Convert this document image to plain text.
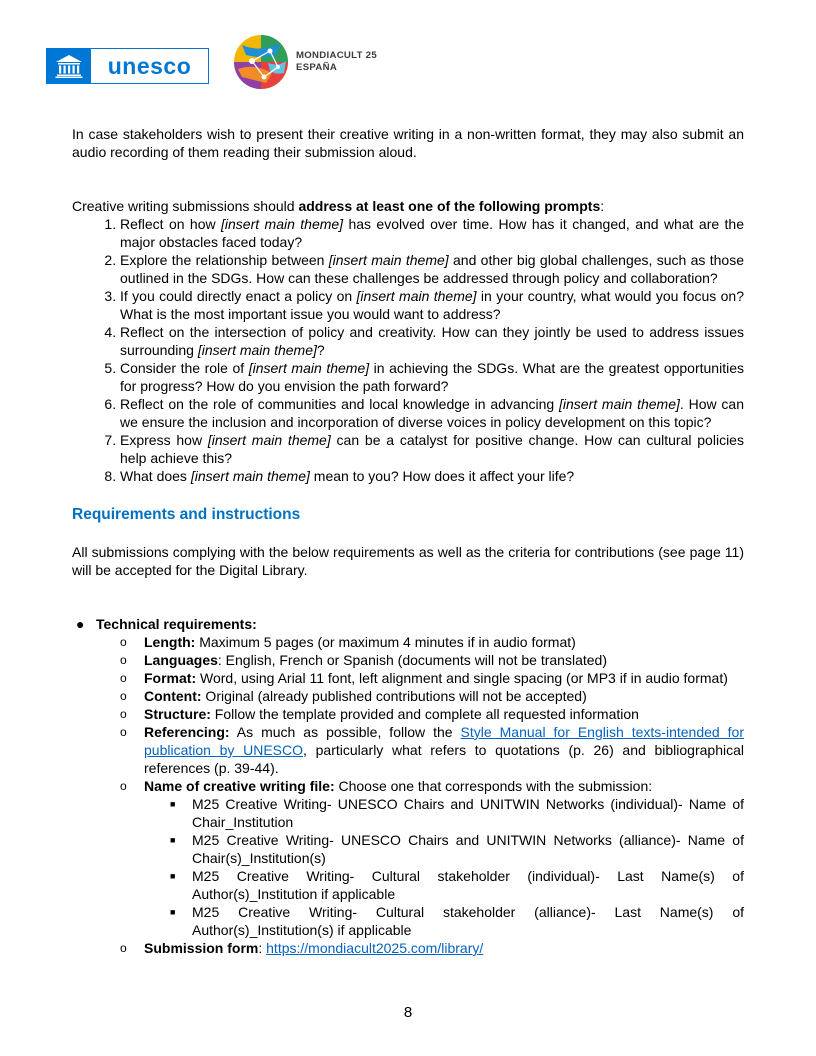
unesco	MONDIACULT 25
ESPAÑA

In case stakeholders wish to present their creative writing in a non-written format, they may also submit an audio recording of them reading their submission aloud.

Creative writing submissions should address at least one of the following prompts:

1. Reflect on how [insert main theme] has evolved over time. How has it changed, and what are the major obstacles faced today?
2. Explore the relationship between [insert main theme] and other big global challenges, such as those outlined in the SDGs. How can these challenges be addressed through policy and collaboration?
3. If you could directly enact a policy on [insert main theme] in your country, what would you focus on? What is the most important issue you would want to address?
4. Reflect on the intersection of policy and creativity. How can they jointly be used to address issues surrounding [insert main theme]?
5. Consider the role of [insert main theme] in achieving the SDGs. What are the greatest opportunities for progress? How do you envision the path forward?
6. Reflect on the role of communities and local knowledge in advancing [insert main theme]. How can we ensure the inclusion and incorporation of diverse voices in policy development on this topic?
7. Express how [insert main theme] can be a catalyst for positive change. How can cultural policies help achieve this?
8. What does [insert main theme] mean to you? How does it affect your life?
Requirements and instructions

All submissions complying with the below requirements as well as the criteria for contributions (see page 11) will be accepted for the Digital Library.

● Technical requirements:
o	Length: Maximum 5 pages (or maximum 4 minutes if in audio format)
o	Languages: English, French or Spanish (documents will not be translated)
o	Format: Word, using Arial 11 font, left alignment and single spacing (or MP3 if in audio format)
o	Content: Original (already published contributions will not be accepted)
o	Structure: Follow the template provided and complete all requested information
o	Referencing: As much as possible, follow the Style Manual for English texts-intended for publication by UNESCO, particularly what refers to quotations (p. 26) and bibliographical references (p. 39-44).
o	Name of creative writing file: Choose one that corresponds with the submission:
■	M25 Creative Writing- UNESCO Chairs and UNITWIN Networks (individual)- Name of Chair_Institution
■	M25 Creative Writing- UNESCO Chairs and UNITWIN Networks (alliance)- Name of Chair(s)_Institution(s)
■	M25 Creative Writing- Cultural stakeholder (individual)- Last Name(s) of Author(s)_Institution if applicable
■	M25 Creative Writing- Cultural stakeholder (alliance)- Last Name(s) of Author(s)_Institution(s) if applicable
o	Submission form: https://mondiacult2025.com/library/
8
